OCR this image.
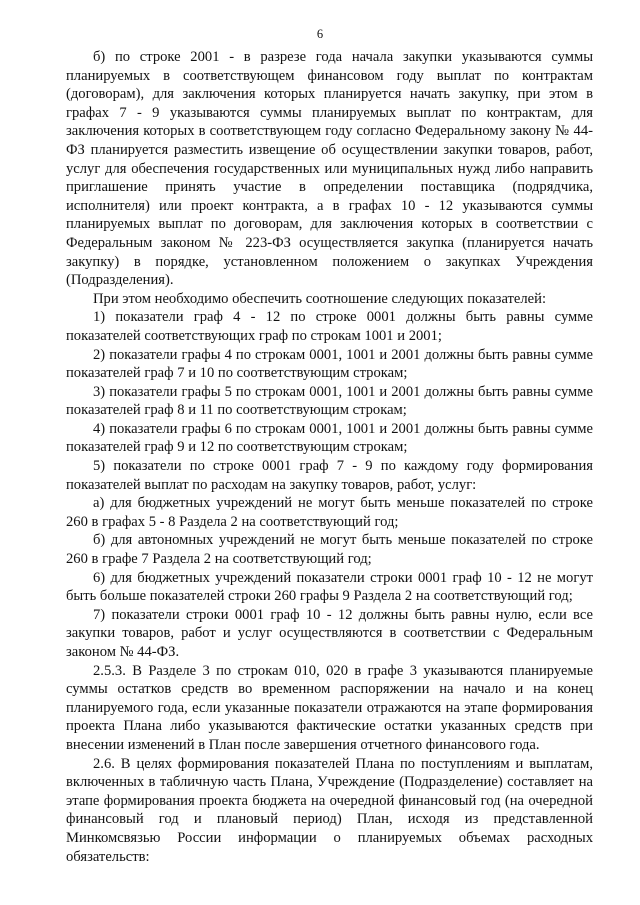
6

б) по строке 2001 - в разрезе года начала закупки указываются суммы планируемых в соответствующем финансовом году выплат по контрактам (договорам), для заключения которых планируется начать закупку, при этом в графах 7 - 9 указываются суммы планируемых выплат по контрактам, для заключения которых в соответствующем году согласно Федеральному закону № 44-ФЗ планируется разместить извещение об осуществлении закупки товаров, работ, услуг для обеспечения государственных или муниципальных нужд либо направить приглашение принять участие в определении поставщика (подрядчика, исполнителя) или проект контракта, а в графах 10 - 12 указываются суммы планируемых выплат по договорам, для заключения которых в соответствии с Федеральным законом № 223-ФЗ осуществляется закупка (планируется начать закупку) в порядке, установленном положением о закупках Учреждения (Подразделения).

При этом необходимо обеспечить соотношение следующих показателей:

1) показатели граф 4 - 12 по строке 0001 должны быть равны сумме показателей соответствующих граф по строкам 1001 и 2001;

2) показатели графы 4 по строкам 0001, 1001 и 2001 должны быть равны сумме показателей граф 7 и 10 по соответствующим строкам;

3) показатели графы 5 по строкам 0001, 1001 и 2001 должны быть равны сумме показателей граф 8 и 11 по соответствующим строкам;

4) показатели графы 6 по строкам 0001, 1001 и 2001 должны быть равны сумме показателей граф 9 и 12 по соответствующим строкам;

5) показатели по строке 0001 граф 7 - 9 по каждому году формирования показателей выплат по расходам на закупку товаров, работ, услуг:

а) для бюджетных учреждений не могут быть меньше показателей по строке 260 в графах 5 - 8 Раздела 2 на соответствующий год;

б) для автономных учреждений не могут быть меньше показателей по строке 260 в графе 7 Раздела 2 на соответствующий год;

6) для бюджетных учреждений показатели строки 0001 граф 10 - 12 не могут быть больше показателей строки 260 графы 9 Раздела 2 на соответствующий год;

7) показатели строки 0001 граф 10 - 12 должны быть равны нулю, если все закупки товаров, работ и услуг осуществляются в соответствии с Федеральным законом № 44-ФЗ.

2.5.3. В Разделе 3 по строкам 010, 020 в графе 3 указываются планируемые суммы остатков средств во временном распоряжении на начало и на конец планируемого года, если указанные показатели отражаются на этапе формирования проекта Плана либо указываются фактические остатки указанных средств при внесении изменений в План после завершения отчетного финансового года.

2.6. В целях формирования показателей Плана по поступлениям и выплатам, включенных в табличную часть Плана, Учреждение (Подразделение) составляет на этапе формирования проекта бюджета на очередной финансовый год (на очередной финансовый год и плановый период) План, исходя из представленной Минкомсвязью России информации о планируемых объемах расходных обязательств:
